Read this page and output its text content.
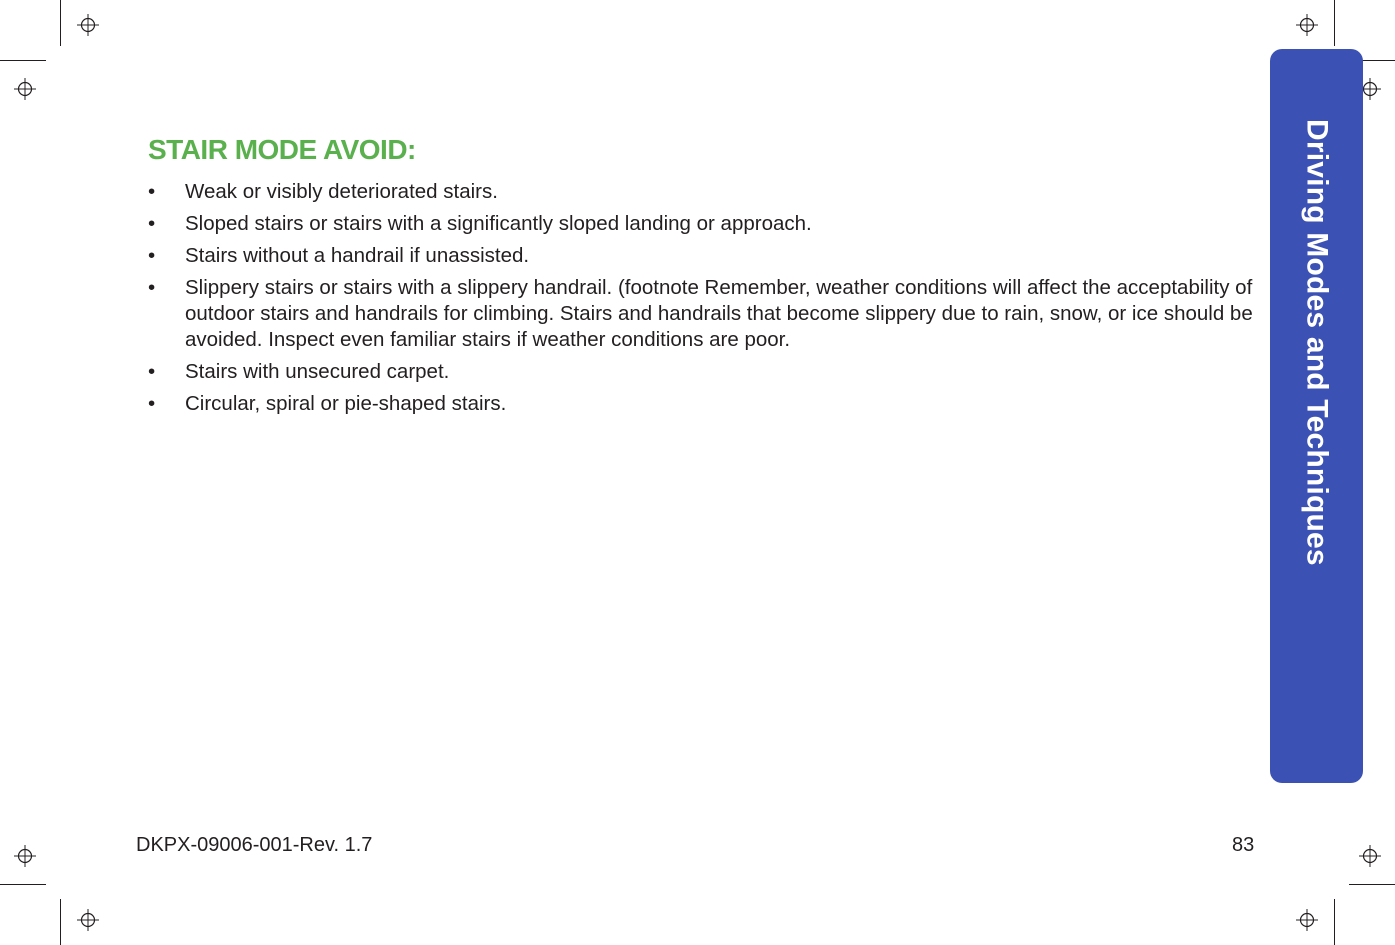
Driving Modes and Techniques
STAIR MODE AVOID:
• Weak or visibly deteriorated stairs.
• Sloped stairs or stairs with a significantly sloped landing or approach.
• Stairs without a handrail if unassisted.
• Slippery stairs or stairs with a slippery handrail. (footnote Remember, weather conditions will affect the acceptability of outdoor stairs and handrails for climbing. Stairs and handrails that become slippery due to rain, snow, or ice should be avoided. Inspect even familiar stairs if weather conditions are poor.
• Stairs with unsecured carpet.
• Circular, spiral or pie-shaped stairs.
DKPX-09006-001-Rev. 1.7	83
